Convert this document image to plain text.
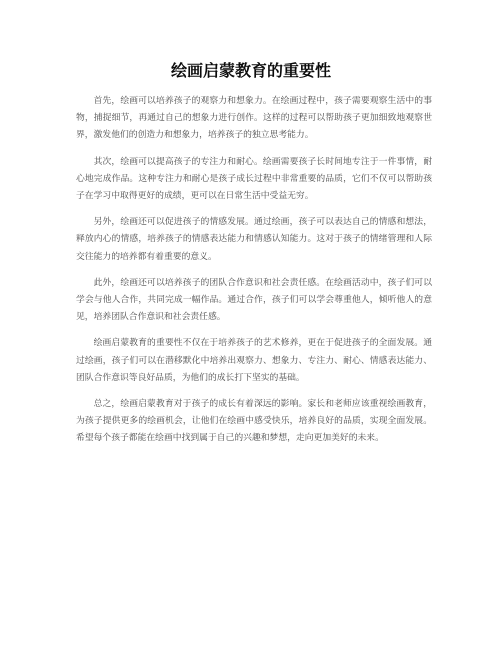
绘画启蒙教育的重要性

首先，绘画可以培养孩子的观察力和想象力。在绘画过程中，孩子需要观察生活中的事物，捕捉细节，再通过自己的想象力进行创作。这样的过程可以帮助孩子更加细致地观察世界，激发他们的创造力和想象力，培养孩子的独立思考能力。

其次，绘画可以提高孩子的专注力和耐心。绘画需要孩子长时间地专注于一件事情，耐心地完成作品。这种专注力和耐心是孩子成长过程中非常重要的品质，它们不仅可以帮助孩子在学习中取得更好的成绩，更可以在日常生活中受益无穷。

另外，绘画还可以促进孩子的情感发展。通过绘画，孩子可以表达自己的情感和想法，释放内心的情感，培养孩子的情感表达能力和情感认知能力。这对于孩子的情绪管理和人际交往能力的培养都有着重要的意义。

此外，绘画还可以培养孩子的团队合作意识和社会责任感。在绘画活动中，孩子们可以学会与他人合作，共同完成一幅作品。通过合作，孩子们可以学会尊重他人，倾听他人的意见，培养团队合作意识和社会责任感。

绘画启蒙教育的重要性不仅在于培养孩子的艺术修养，更在于促进孩子的全面发展。通过绘画，孩子们可以在潜移默化中培养出观察力、想象力、专注力、耐心、情感表达能力、团队合作意识等良好品质，为他们的成长打下坚实的基础。

总之，绘画启蒙教育对于孩子的成长有着深远的影响。家长和老师应该重视绘画教育，为孩子提供更多的绘画机会，让他们在绘画中感受快乐，培养良好的品质，实现全面发展。希望每个孩子都能在绘画中找到属于自己的兴趣和梦想，走向更加美好的未来。
